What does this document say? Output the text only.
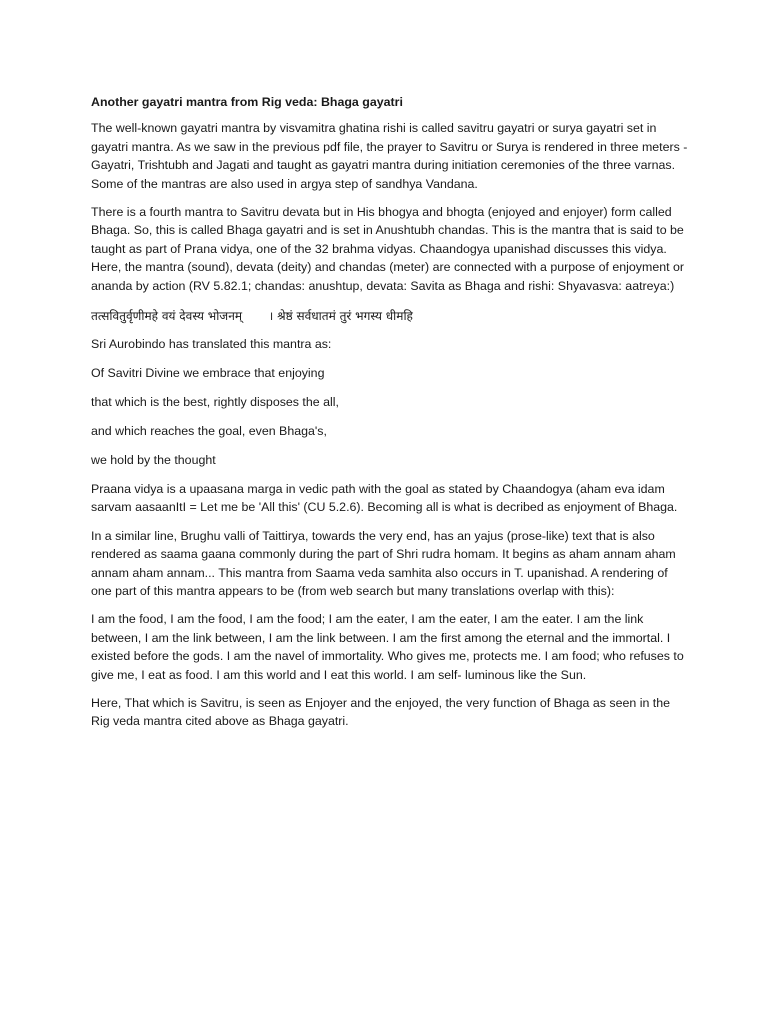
Another gayatri mantra from Rig veda: Bhaga gayatri

The well-known gayatri mantra by visvamitra ghatina rishi is called savitru gayatri or surya gayatri set in gayatri mantra. As we saw in the previous pdf file, the prayer to Savitru or Surya is rendered in three meters - Gayatri, Trishtubh and Jagati and taught as gayatri mantra during initiation ceremonies of the three varnas. Some of the mantras are also used in argya step of sandhya Vandana.

There is a fourth mantra to Savitru devata but in His bhogya and bhogta (enjoyed and enjoyer) form called Bhaga. So, this is called Bhaga gayatri and is set in Anushtubh chandas. This is the mantra that is said to be taught as part of Prana vidya, one of the 32 brahma vidyas. Chaandogya upanishad discusses this vidya. Here, the mantra (sound), devata (deity) and chandas (meter) are connected with a purpose of enjoyment or ananda by action (RV 5.82.1; chandas: anushtup, devata: Savita as Bhaga and rishi: Shyavasva: aatreya:)

तत्सवितुर्वृणीमहे वयं देवस्य भोजनम्       । श्रेष्ठं सर्वधातमं तुरं भगस्य धीमहि

Sri Aurobindo has translated this mantra as:

Of Savitri Divine we embrace that enjoying

that which is the best, rightly disposes the all,

and which reaches the goal, even Bhaga's,

we hold by the thought

Praana vidya is a upaasana marga in vedic path with the goal as stated by Chaandogya (aham eva idam sarvam aasaanItI = Let me be 'All this' (CU 5.2.6). Becoming all is what is decribed as enjoyment of Bhaga.

In a similar line, Brughu valli of Taittirya, towards the very end, has an yajus (prose-like) text that is also rendered as saama gaana commonly during the part of Shri rudra homam. It begins as aham annam aham annam aham annam... This mantra from Saama veda samhita also occurs in T. upanishad. A rendering of one part of this mantra appears to be (from web search but many translations overlap with this):

I am the food, I am the food, I am the food; I am the eater, I am the eater, I am the eater. I am the link between, I am the link between, I am the link between. I am the first among the eternal and the immortal. I existed before the gods. I am the navel of immortality. Who gives me, protects me. I am food; who refuses to give me, I eat as food. I am this world and I eat this world. I am self- luminous like the Sun.

Here, That which is Savitru, is seen as Enjoyer and the enjoyed, the very function of Bhaga as seen in the Rig veda mantra cited above as Bhaga gayatri.
